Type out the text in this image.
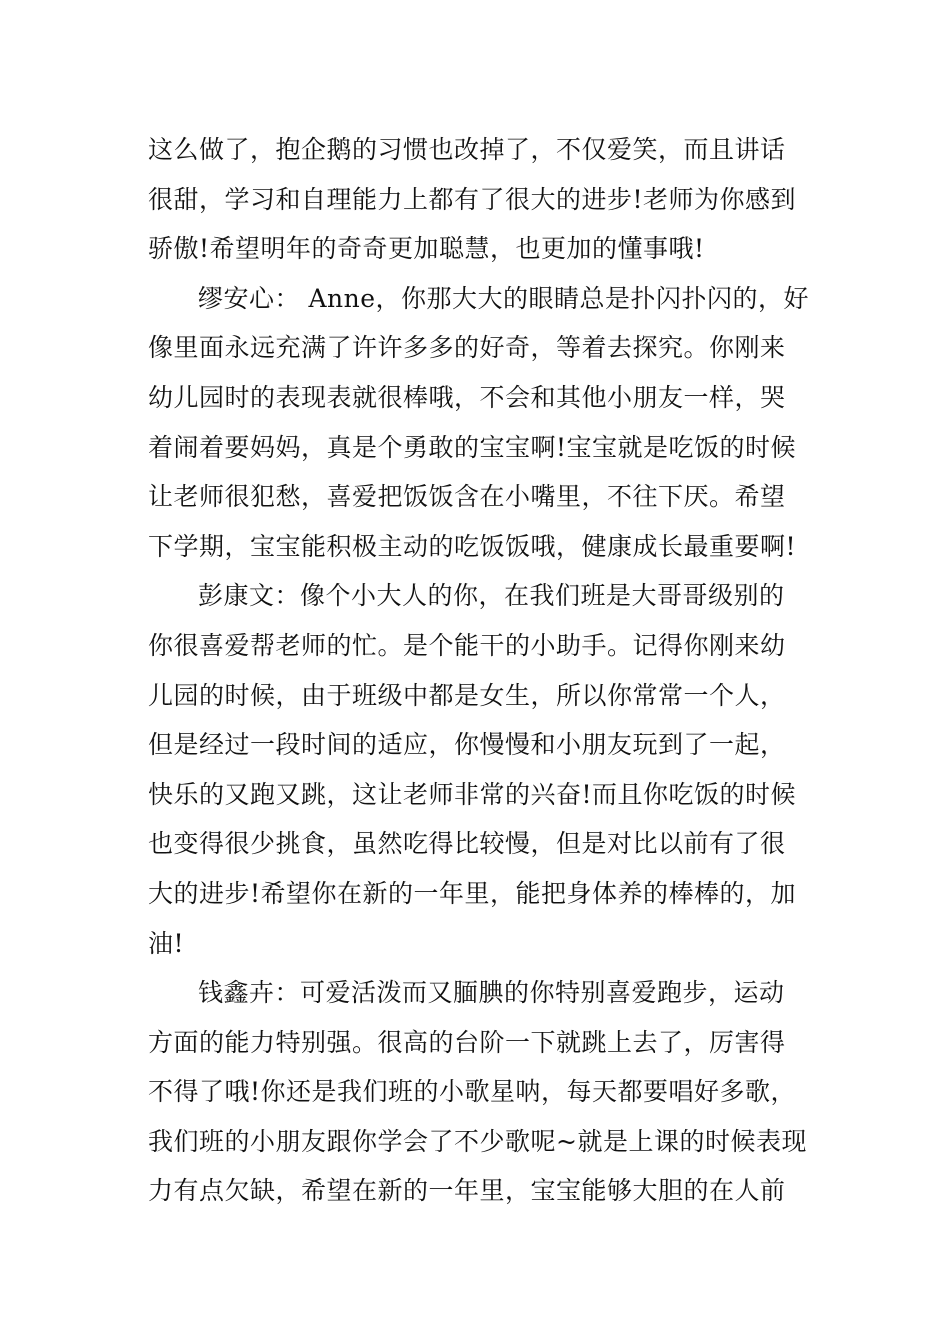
这么做了，抱企鹅的习惯也改掉了，不仅爱笑，而且讲话
很甜，学习和自理能力上都有了很大的进步!老师为你感到
骄傲!希望明年的奇奇更加聪慧，也更加的懂事哦!
缪安心： Anne，你那大大的眼睛总是扑闪扑闪的，好
像里面永远充满了许许多多的好奇，等着去探究。你刚来
幼儿园时的表现表就很棒哦，不会和其他小朋友一样，哭
着闹着要妈妈，真是个勇敢的宝宝啊!宝宝就是吃饭的时候
让老师很犯愁，喜爱把饭饭含在小嘴里，不往下厌。希望
下学期，宝宝能积极主动的吃饭饭哦，健康成长最重要啊!
彭康文：像个小大人的你，在我们班是大哥哥级别的
你很喜爱帮老师的忙。是个能干的小助手。记得你刚来幼
儿园的时候，由于班级中都是女生，所以你常常一个人，
但是经过一段时间的适应，你慢慢和小朋友玩到了一起，
快乐的又跑又跳，这让老师非常的兴奋!而且你吃饭的时候
也变得很少挑食，虽然吃得比较慢，但是对比以前有了很
大的进步!希望你在新的一年里，能把身体养的棒棒的，加
油!
钱鑫卉：可爱活泼而又腼腆的你特别喜爱跑步，运动
方面的能力特别强。很高的台阶一下就跳上去了，厉害得
不得了哦!你还是我们班的小歌星呐，每天都要唱好多歌，
我们班的小朋友跟你学会了不少歌呢~就是上课的时候表现
力有点欠缺，希望在新的一年里，宝宝能够大胆的在人前
